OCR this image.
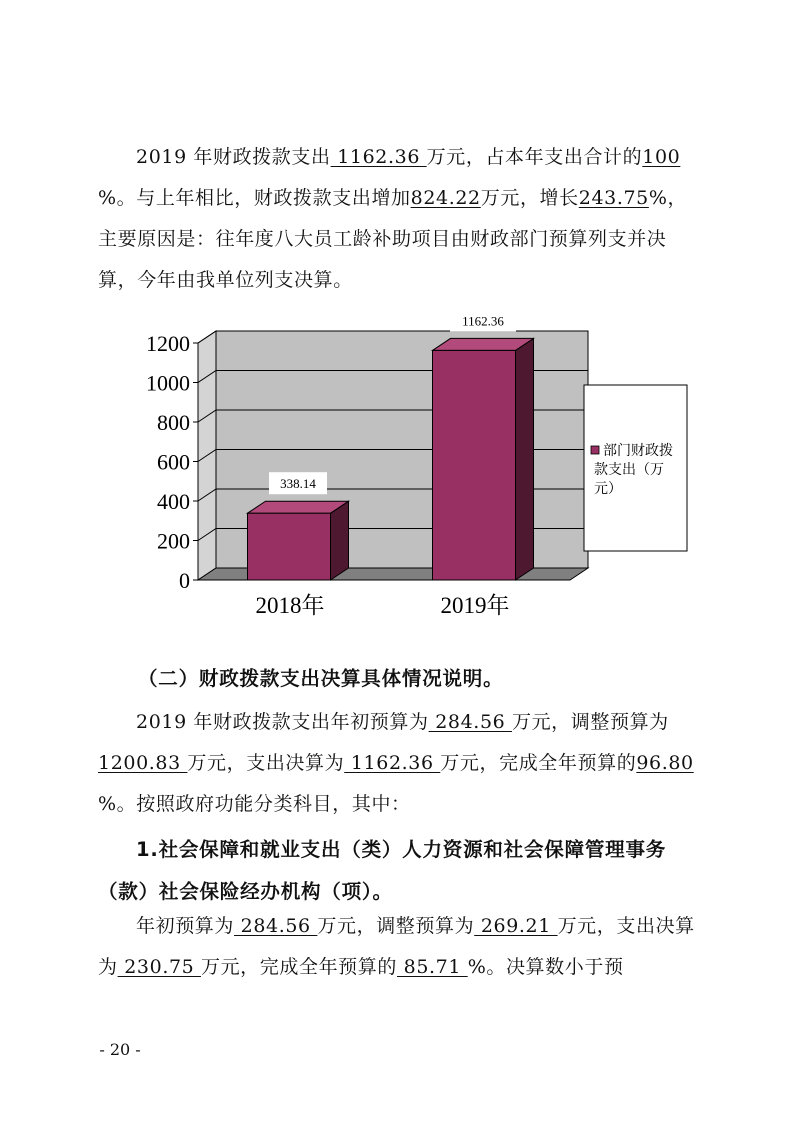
2019 年财政拨款支出 1162.36 万元，占本年支出合计的100 %。与上年相比，财政拨款支出增加824.22万元，增长243.75%，主要原因是：往年度八大员工龄补助项目由财政部门预算列支并决算，今年由我单位列支决算。
0
200
400
600
800
1000
1200
338.14
2018年
1162.36
2019年
部门财政拨
款支出（万
元）
（二）财政拨款支出决算具体情况说明。
2019 年财政拨款支出年初预算为 284.56 万元，调整预算为 1200.83 万元，支出决算为 1162.36 万元，完成全年预算的96.80 %。按照政府功能分类科目，其中：
1.社会保障和就业支出（类）人力资源和社会保障管理事务（款）社会保险经办机构（项）。
年初预算为 284.56 万元，调整预算为 269.21 万元，支出决算为 230.75 万元，完成全年预算的 85.71 %。决算数小于预
- 20 -
